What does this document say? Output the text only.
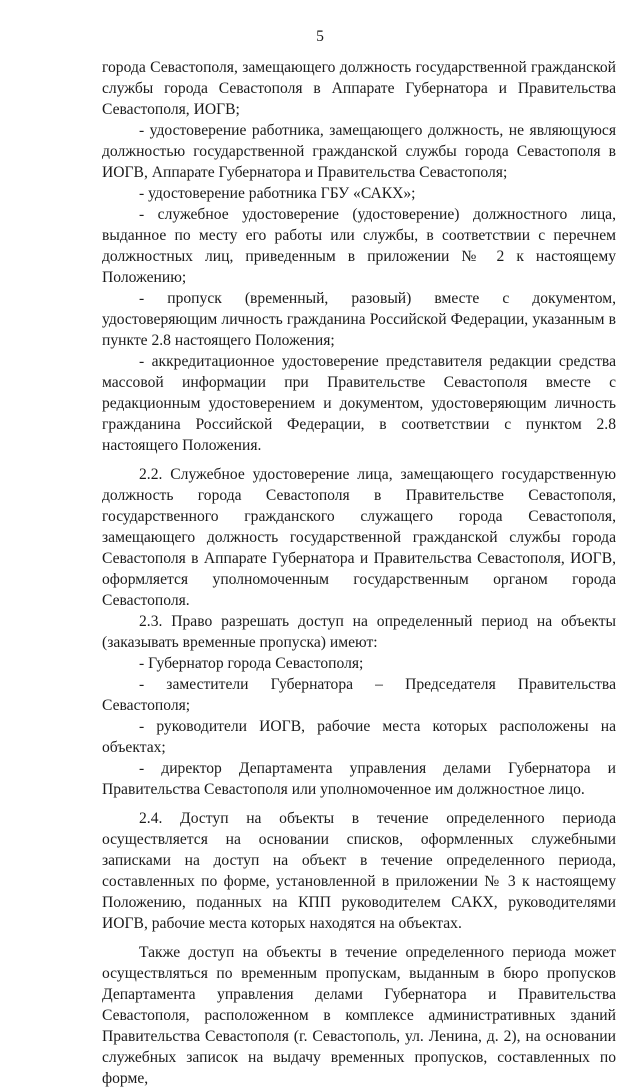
5

города Севастополя, замещающего должность государственной гражданской службы города Севастополя в Аппарате Губернатора и Правительства Севастополя, ИОГВ;

- удостоверение работника, замещающего должность, не являющуюся должностью государственной гражданской службы города Севастополя в ИОГВ, Аппарате Губернатора и Правительства Севастополя;

- удостоверение работника ГБУ «САКХ»;

- служебное удостоверение (удостоверение) должностного лица, выданное по месту его работы или службы, в соответствии с перечнем должностных лиц, приведенным в приложении № 2 к настоящему Положению;

- пропуск (временный, разовый) вместе с документом, удостоверяющим личность гражданина Российской Федерации, указанным в пункте 2.8 настоящего Положения;

- аккредитационное удостоверение представителя редакции средства массовой информации при Правительстве Севастополя вместе с редакционным удостоверением и документом, удостоверяющим личность гражданина Российской Федерации, в соответствии с пунктом 2.8 настоящего Положения.

2.2. Служебное удостоверение лица, замещающего государственную должность города Севастополя в Правительстве Севастополя, государственного гражданского служащего города Севастополя, замещающего должность государственной гражданской службы города Севастополя в Аппарате Губернатора и Правительства Севастополя, ИОГВ, оформляется уполномоченным государственным органом города Севастополя.

2.3. Право разрешать доступ на определенный период на объекты (заказывать временные пропуска) имеют:

- Губернатор города Севастополя;

- заместители Губернатора – Председателя Правительства Севастополя;

- руководители ИОГВ, рабочие места которых расположены на объектах;

- директор Департамента управления делами Губернатора и Правительства Севастополя или уполномоченное им должностное лицо.

2.4. Доступ на объекты в течение определенного периода осуществляется на основании списков, оформленных служебными записками на доступ на объект в течение определенного периода, составленных по форме, установленной в приложении № 3 к настоящему Положению, поданных на КПП руководителем САКХ, руководителями ИОГВ, рабочие места которых находятся на объектах.

Также доступ на объекты в течение определенного периода может осуществляться по временным пропускам, выданным в бюро пропусков Департамента управления делами Губернатора и Правительства Севастополя, расположенном в комплексе административных зданий Правительства Севастополя (г. Севастополь, ул. Ленина, д. 2), на основании служебных записок на выдачу временных пропусков, составленных по форме,
